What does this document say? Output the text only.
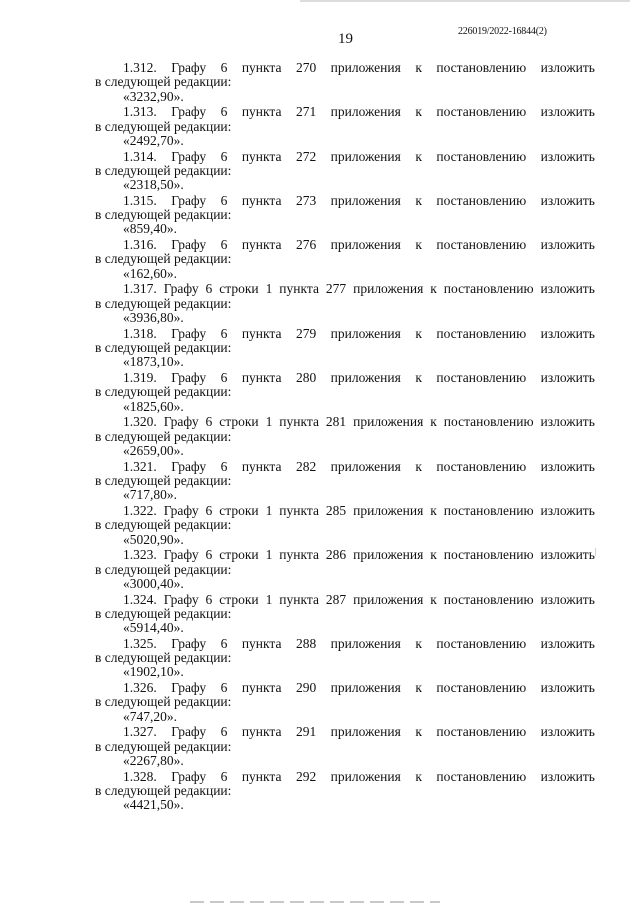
226019/2022-16844(2)
19
1.312. Графу 6 пункта 270 приложения к постановлению изложить
в следующей редакции:
«3232,90».
1.313. Графу 6 пункта 271 приложения к постановлению изложить
в следующей редакции:
«2492,70».
1.314. Графу 6 пункта 272 приложения к постановлению изложить
в следующей редакции:
«2318,50».
1.315. Графу 6 пункта 273 приложения к постановлению изложить
в следующей редакции:
«859,40».
1.316. Графу 6 пункта 276 приложения к постановлению изложить
в следующей редакции:
«162,60».
1.317. Графу 6 строки 1 пункта 277 приложения к постановлению изложить
в следующей редакции:
«3936,80».
1.318. Графу 6 пункта 279 приложения к постановлению изложить
в следующей редакции:
«1873,10».
1.319. Графу 6 пункта 280 приложения к постановлению изложить
в следующей редакции:
«1825,60».
1.320. Графу 6 строки 1 пункта 281 приложения к постановлению изложить
в следующей редакции:
«2659,00».
1.321. Графу 6 пункта 282 приложения к постановлению изложить
в следующей редакции:
«717,80».
1.322. Графу 6 строки 1 пункта 285 приложения к постановлению изложить
в следующей редакции:
«5020,90».
1.323. Графу 6 строки 1 пункта 286 приложения к постановлению изложить
в следующей редакции:
«3000,40».
1.324. Графу 6 строки 1 пункта 287 приложения к постановлению изложить
в следующей редакции:
«5914,40».
1.325. Графу 6 пункта 288 приложения к постановлению изложить
в следующей редакции:
«1902,10».
1.326. Графу 6 пункта 290 приложения к постановлению изложить
в следующей редакции:
«747,20».
1.327. Графу 6 пункта 291 приложения к постановлению изложить
в следующей редакции:
«2267,80».
1.328. Графу 6 пункта 292 приложения к постановлению изложить
в следующей редакции:
«4421,50».
